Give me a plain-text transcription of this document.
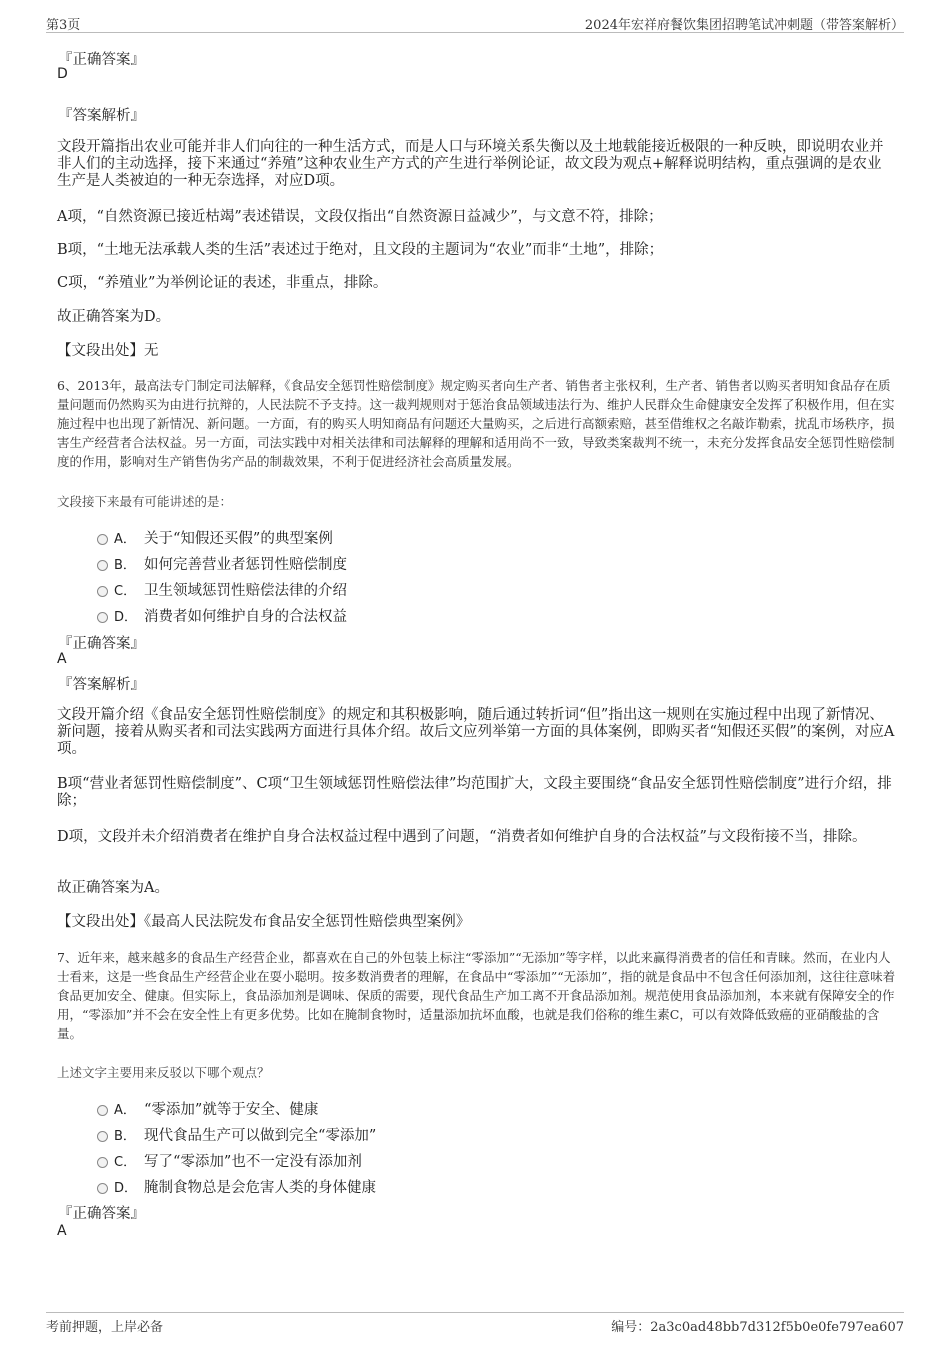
第3页	2024年宏祥府餐饮集团招聘笔试冲刺题（带答案解析）
『正确答案』
D
『答案解析』
文段开篇指出农业可能并非人们向往的一种生活方式，而是人口与环境关系失衡以及土地载能接近极限的一种反映，即说明农业并非人们的主动选择，接下来通过“养殖”这种农业生产方式的产生进行举例论证，故文段为观点+解释说明结构，重点强调的是农业生产是人类被迫的一种无奈选择，对应D项。
A项，“自然资源已接近枯竭”表述错误，文段仅指出“自然资源日益减少”，与文意不符，排除；
B项，“土地无法承载人类的生活”表述过于绝对，且文段的主题词为“农业”而非“土地”，排除；
C项，“养殖业”为举例论证的表述，非重点，排除。
故正确答案为D。
【文段出处】无
6、2013年，最高法专门制定司法解释，《食品安全惩罚性赔偿制度》规定购买者向生产者、销售者主张权利，生产者、销售者以购买者明知食品存在质量问题而仍然购买为由进行抗辩的，人民法院不予支持。这一裁判规则对于惩治食品领域违法行为、维护人民群众生命健康安全发挥了积极作用，但在实施过程中也出现了新情况、新问题。一方面，有的购买人明知商品有问题还大量购买，之后进行高额索赔，甚至借维权之名敲诈勒索，扰乱市场秩序，损害生产经营者合法权益。另一方面，司法实践中对相关法律和司法解释的理解和适用尚不一致，导致类案裁判不统一，未充分发挥食品安全惩罚性赔偿制度的作用，影响对生产销售伪劣产品的制裁效果，不利于促进经济社会高质量发展。
文段接下来最有可能讲述的是：
A． 关于“知假还买假”的典型案例
B． 如何完善营业者惩罚性赔偿制度
C． 卫生领域惩罚性赔偿法律的介绍
D． 消费者如何维护自身的合法权益
『正确答案』
A
『答案解析』
文段开篇介绍《食品安全惩罚性赔偿制度》的规定和其积极影响，随后通过转折词“但”指出这一规则在实施过程中出现了新情况、新问题，接着从购买者和司法实践两方面进行具体介绍。故后文应列举第一方面的具体案例，即购买者“知假还买假”的案例，对应A项。
B项“营业者惩罚性赔偿制度”、C项“卫生领域惩罚性赔偿法律”均范围扩大，文段主要围绕“食品安全惩罚性赔偿制度”进行介绍，排除；
D项，文段并未介绍消费者在维护自身合法权益过程中遇到了问题，“消费者如何维护自身的合法权益”与文段衔接不当，排除。
故正确答案为A。
【文段出处】《最高人民法院发布食品安全惩罚性赔偿典型案例》
7、近年来，越来越多的食品生产经营企业，都喜欢在自己的外包装上标注“零添加”“无添加”等字样，以此来赢得消费者的信任和青睐。然而，在业内人士看来，这是一些食品生产经营企业在耍小聪明。按多数消费者的理解，在食品中“零添加”“无添加”，指的就是食品中不包含任何添加剂，这往往意味着食品更加安全、健康。但实际上，食品添加剂是调味、保质的需要，现代食品生产加工离不开食品添加剂。规范使用食品添加剂，本来就有保障安全的作用，“零添加”并不会在安全性上有更多优势。比如在腌制食物时，适量添加抗坏血酸，也就是我们俗称的维生素C，可以有效降低致癌的亚硝酸盐的含量。
上述文字主要用来反驳以下哪个观点？
A． “零添加”就等于安全、健康
B． 现代食品生产可以做到完全“零添加”
C． 写了“零添加”也不一定没有添加剂
D． 腌制食物总是会危害人类的身体健康
『正确答案』
A
考前押题，上岸必备	编号：2a3c0ad48bb7d312f5b0e0fe797ea607
